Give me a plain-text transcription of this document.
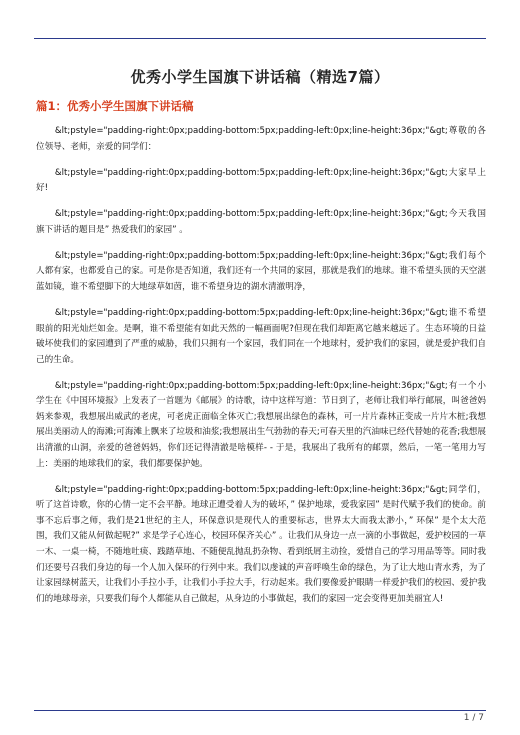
优秀小学生国旗下讲话稿（精选7篇）
篇1：优秀小学生国旗下讲话稿

&lt;pstyle="padding-right:0px;padding-bottom:5px;padding-left:0px;line-height:36px;"&gt;尊敬的各位领导、老师，亲爱的同学们：

&lt;pstyle="padding-right:0px;padding-bottom:5px;padding-left:0px;line-height:36px;"&gt;大家早上好!

&lt;pstyle="padding-right:0px;padding-bottom:5px;padding-left:0px;line-height:36px;"&gt;今天我国旗下讲话的题目是” 热爱我们的家园” 。

&lt;pstyle="padding-right:0px;padding-bottom:5px;padding-left:0px;line-height:36px;"&gt;我们每个人都有家，也都爱自己的家。可是你是否知道，我们还有一个共同的家园，那就是我们的地球。谁不希望头顶的天空湛蓝如镜，谁不希望脚下的大地绿草如茵，谁不希望身边的湖水清澈明净，

&lt;pstyle="padding-right:0px;padding-bottom:5px;padding-left:0px;line-height:36px;"&gt;谁不希望眼前的阳光灿烂如金。是啊，谁不希望能有如此天然的一幅画面呢?但现在我们却距离它越来越远了。生态环境的日益破坏使我们的家园遭到了严重的威胁，我们只拥有一个家园，我们同在一个地球村，爱护我们的家园，就是爱护我们自己的生命。

&lt;pstyle="padding-right:0px;padding-bottom:5px;padding-left:0px;line-height:36px;"&gt;有一个小学生在《中国环境报》上发表了一首题为《邮展》的诗歌，诗中这样写道：节日到了，老师让我们举行邮展，叫爸爸妈妈来参观，我想展出威武的老虎，可老虎正面临全体灭亡;我想展出绿色的森林，可一片片森林正变成一片片木桩;我想展出美丽动人的海滩;可海滩上飘来了垃圾和油浆;我想展出生气勃勃的春天;可春天里的汽油味已经代替她的花香;我想展出清澈的山洞，亲爱的爸爸妈妈，你们还记得清澈是啥模样- - 于是，我展出了我所有的邮票，然后，一笔一笔用力写上：美丽的地球我们的家，我们都要保护她。

&lt;pstyle="padding-right:0px;padding-bottom:5px;padding-left:0px;line-height:36px;"&gt;同学们，听了这首诗歌，你的心情一定不会平静。地球正遭受着人为的破坏，” 保护地球，爱我家园” 是时代赋予我们的使命。前事不忘后事之师，我们是21世纪的主人，环保意识是现代人的重要标志，世界太大而我太渺小，” 环保” 是个太大范围，我们又能从何做起呢?” 求是学子心连心，校园环保齐关心” 。让我们从身边一点一滴的小事做起，爱护校园的一草一木、一桌一椅，不随地吐痰、践踏草地、不随便乱抛乱扔杂物、看到纸屑主动捡，爱惜自己的学习用品等等。同时我们还要号召我们身边的每一个人加入保环的行列中来。我们以虔诚的声音呼唤生命的绿色，为了让大地山青水秀，为了让家园绿树蓝天，让我们小手拉小手，让我们小手拉大手，行动起来。我们要像爱护眼睛一样爱护我们的校园、爱护我们的地球母亲，只要我们每个人都能从自己做起，从身边的小事做起，我们的家园一定会变得更加美丽宜人!

1 / 7
